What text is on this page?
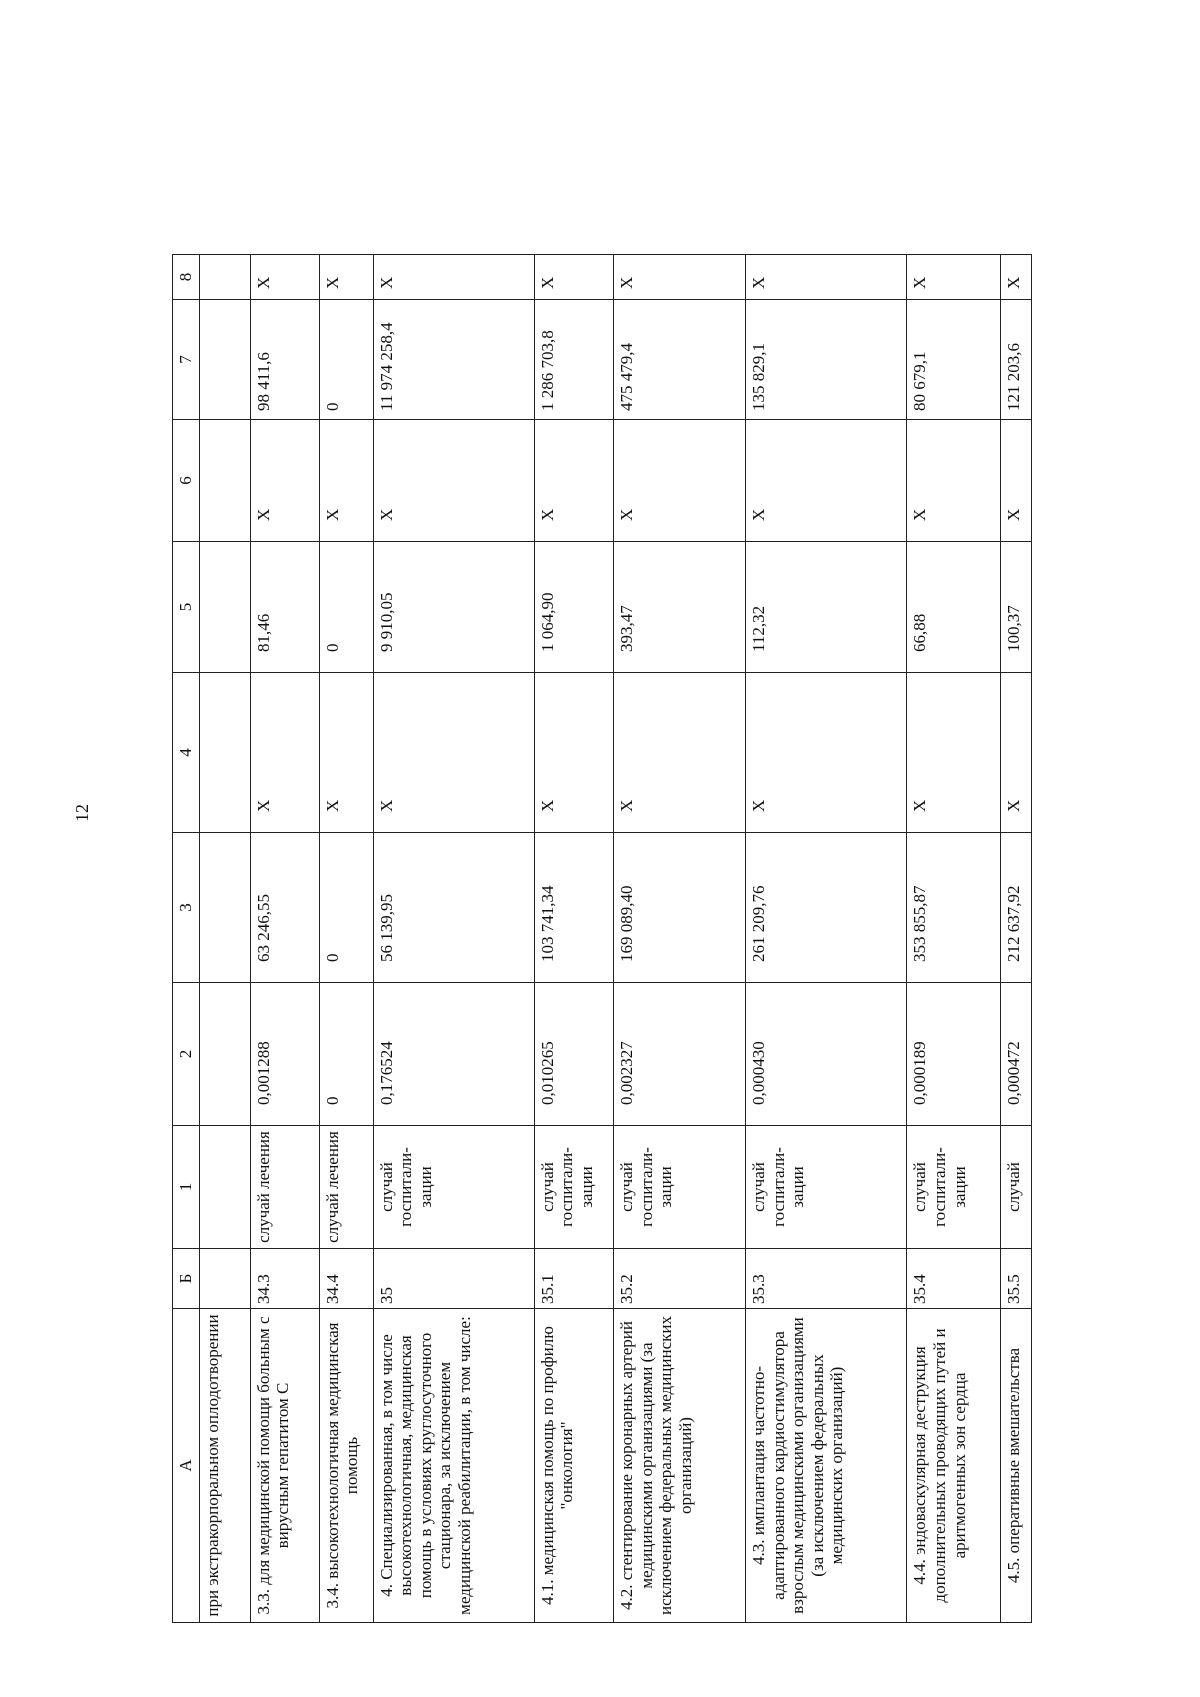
12
А	Б	1	2	3	4	5	6	7	8
при экстракорпоральном оплодотворении									
3.3. для медицинской помощи больным с вирусным гепатитом С	34.3	случай лечения	0,001288	63 246,55	X	81,46	X	98 411,6	X
3.4. высокотехнологичная медицинская помощь	34.4	случай лечения	0	0	X	0	X	0	X
4. Специализированная, в том числе высокотехнологичная, медицинская помощь в условиях круглосуточного стационара, за исключением медицинской реабилитации, в том числе:	35	случай госпитали-зации	0,176524	56 139,95	X	9 910,05	X	11 974 258,4	X
4.1. медицинская помощь по профилю "онкология"	35.1	случай госпитали-зации	0,010265	103 741,34	X	1 064,90	X	1 286 703,8	X
4.2. стентирование коронарных артерий медицинскими организациями (за исключением федеральных медицинских организаций)	35.2	случай госпитали-зации	0,002327	169 089,40	X	393,47	X	475 479,4	X
4.3. имплантация частотно-адаптированного кардиостимулятора взрослым медицинскими организациями (за исключением федеральных медицинских организаций)	35.3	случай госпитали-зации	0,000430	261 209,76	X	112,32	X	135 829,1	X
4.4. эндоваскулярная деструкция дополнительных проводящих путей и аритмогенных зон сердца	35.4	случай госпитали-зации	0,000189	353 855,87	X	66,88	X	80 679,1	X
4.5. оперативные вмешательства	35.5	случай	0,000472	212 637,92	X	100,37	X	121 203,6	X
